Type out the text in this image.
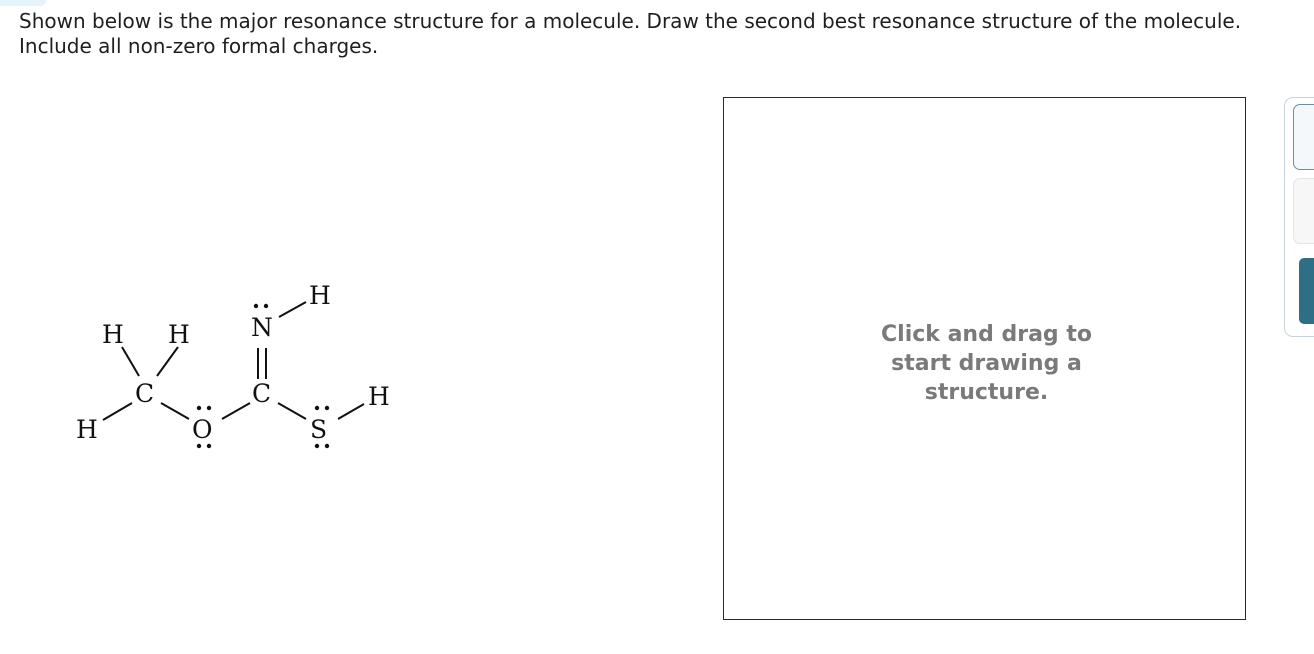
Shown below is the major resonance structure for a molecule. Draw the second best resonance structure of the molecule.
Include all non-zero formal charges.
H H
H
C
O
C
N
H
S
H
Click and drag to start drawing a structure.
